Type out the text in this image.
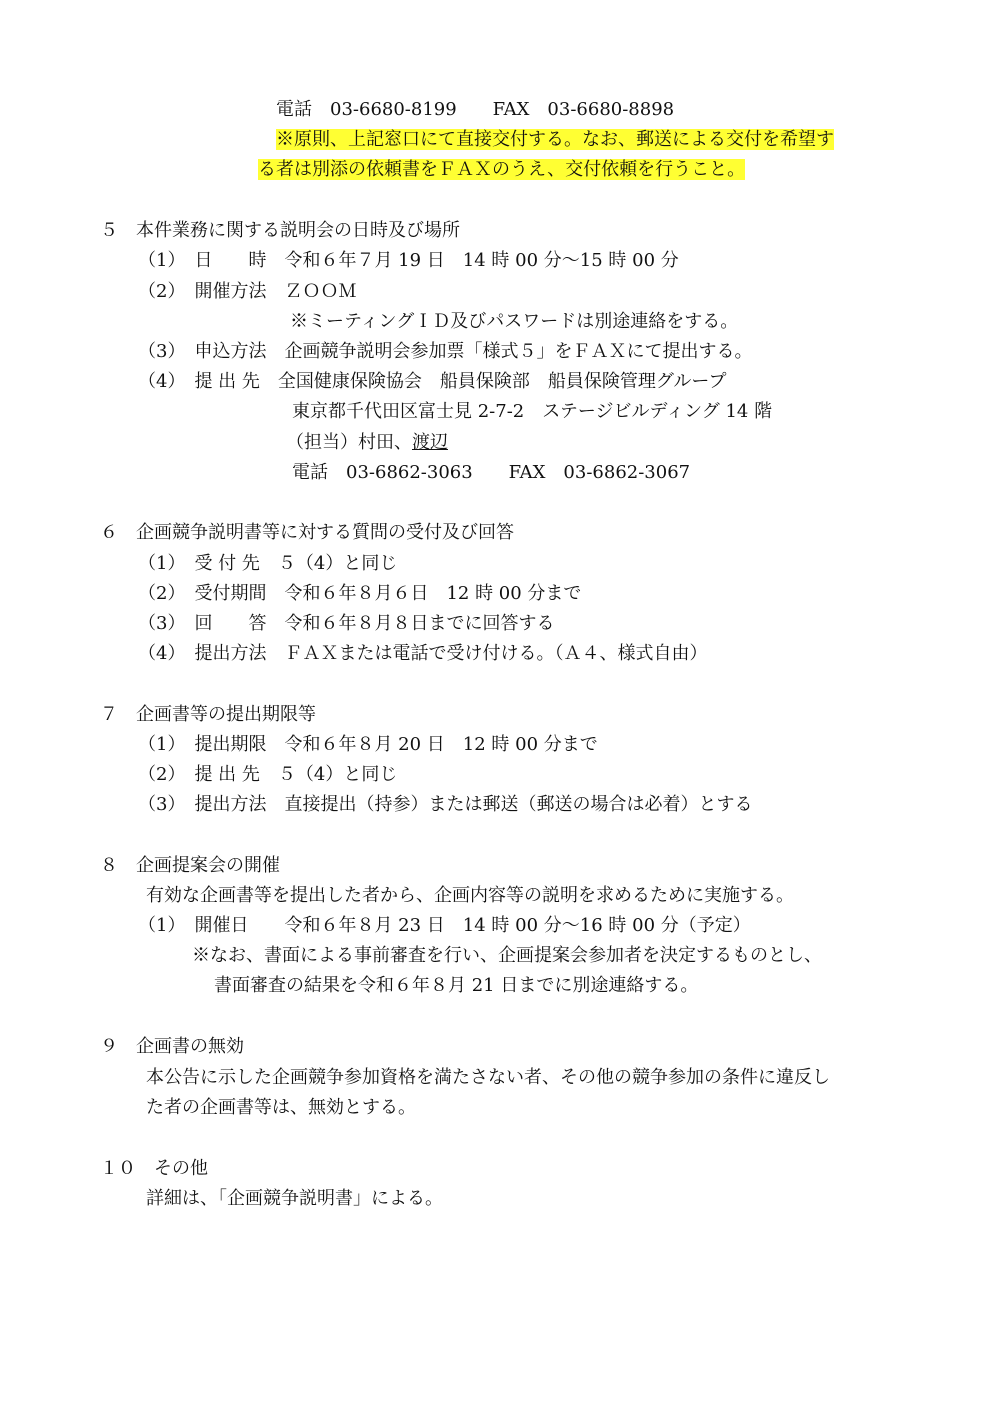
電話　03-6680-8199　　FAX　03-6680-8898
※原則、上記窓口にて直接交付する。なお、郵送による交付を希望す
る者は別添の依頼書をＦＡＸのうえ、交付依頼を行うこと。
５　本件業務に関する説明会の日時及び場所
（1）　日　　時　令和６年７月 19 日　14 時 00 分～15 時 00 分
（2）　開催方法　ＺＯＯＭ
※ミーティングＩＤ及びパスワードは別途連絡をする。
（3）　申込方法　企画競争説明会参加票「様式５」をＦＡＸにて提出する。
（4）　提 出 先　全国健康保険協会　船員保険部　船員保険管理グループ
東京都千代田区富士見 2-7-2　ステージビルディング 14 階
（担当）村田、渡辺
電話　03-6862-3063　　FAX　03-6862-3067
６　企画競争説明書等に対する質問の受付及び回答
（1）　受 付 先　５（4）と同じ
（2）　受付期間　令和６年８月６日　12 時 00 分まで
（3）　回　　答　令和６年８月８日までに回答する
（4）　提出方法　ＦＡＸまたは電話で受け付ける。（Ａ４、様式自由）
７　企画書等の提出期限等
（1）　提出期限　令和６年８月 20 日　12 時 00 分まで
（2）　提 出 先　５（4）と同じ
（3）　提出方法　直接提出（持参）または郵送（郵送の場合は必着）とする
８　企画提案会の開催
有効な企画書等を提出した者から、企画内容等の説明を求めるために実施する。
（1）　開催日　　令和６年８月 23 日　14 時 00 分～16 時 00 分（予定）
※なお、書面による事前審査を行い、企画提案会参加者を決定するものとし、
書面審査の結果を令和６年８月 21 日までに別途連絡する。
９　企画書の無効
本公告に示した企画競争参加資格を満たさない者、その他の競争参加の条件に違反し
た者の企画書等は、無効とする。
１０　その他
詳細は、「企画競争説明書」による。
